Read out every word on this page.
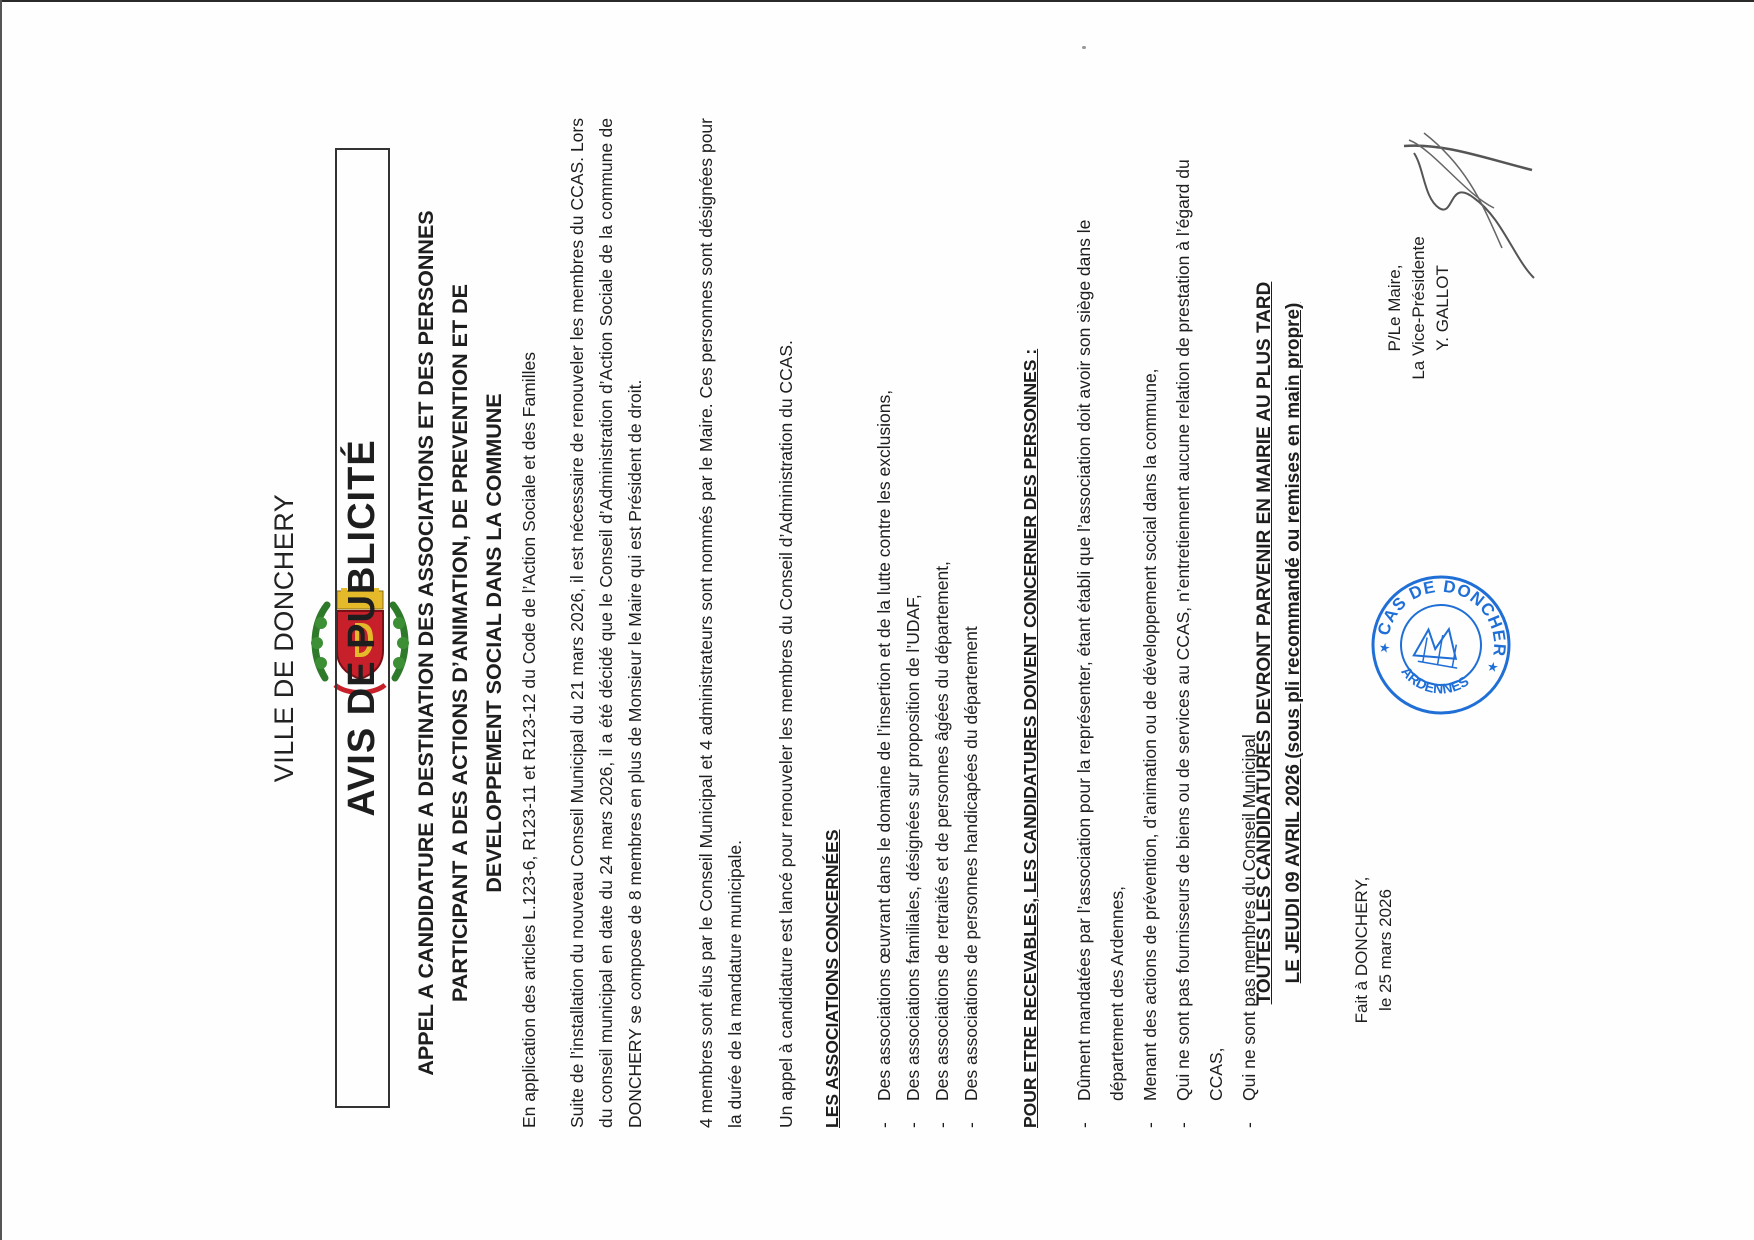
VILLE DE DONCHERY AVIS DE PUBLICITÉ APPEL A CANDIDATURE A DESTINATION DES ASSOCIATIONS ET DES PERSONNES PARTICIPANT A DES ACTIONS D’ANIMATION, DE PREVENTION ET DE DEVELOPPEMENT SOCIAL DANS LA COMMUNE En application des articles L.123-6, R123-11 et R123-12 du Code de l’Action Sociale et des Familles Suite de l’installation du nouveau Conseil Municipal du 21 mars 2026, il est nécessaire de renouveler les membres du CCAS. Lors du conseil municipal en date du 24 mars 2026, il a été décidé que le Conseil d’Administration d’Action Sociale de la commune de DONCHERY se compose de 8 membres en plus de Monsieur le Maire qui est Président de droit.	4 membres sont élus par le Conseil Municipal et 4 administrateurs sont nommés par le Maire. Ces personnes sont désignées pour la durée de la mandature municipale. Un appel à candidature est lancé pour renouveler les membres du Conseil d’Administration du CCAS. LES ASSOCIATIONS CONCERNÉES - Des associations œuvrant dans le domaine de l’insertion et de la lutte contre les exclusions, - Des associations familiales, désignées sur proposition de l’UDAF, - Des associations de retraités et de personnes âgées du département, - Des associations de personnes handicapées du département POUR ETRE RECEVABLES, LES CANDIDATURES DOIVENT CONCERNER DES PERSONNES :	- Dûment mandatées par l’association pour la représenter, étant établi que l’association doit avoir son siège dans le département des Ardennes, - Menant des actions de prévention, d’animation ou de développement social dans la commune, - Qui ne sont pas fournisseurs de biens ou de services au CCAS, n’entretiennent aucune relation de prestation à l’égard du CCAS, - Qui ne sont pas membres du Conseil Municipal
TOUTES LES CANDIDATURES DEVRONT PARVENIR EN MAIRIE AU PLUS TARD LE JEUDI 09 AVRIL 2026 (sous pli recommandé ou remises en main propre)	Fait à DONCHERY, le 25 mars 2026
CCAS DE DONCHERY
ARDENNES
★
★
P/Le Maire, La Vice-Présidente Y. GALLOT
